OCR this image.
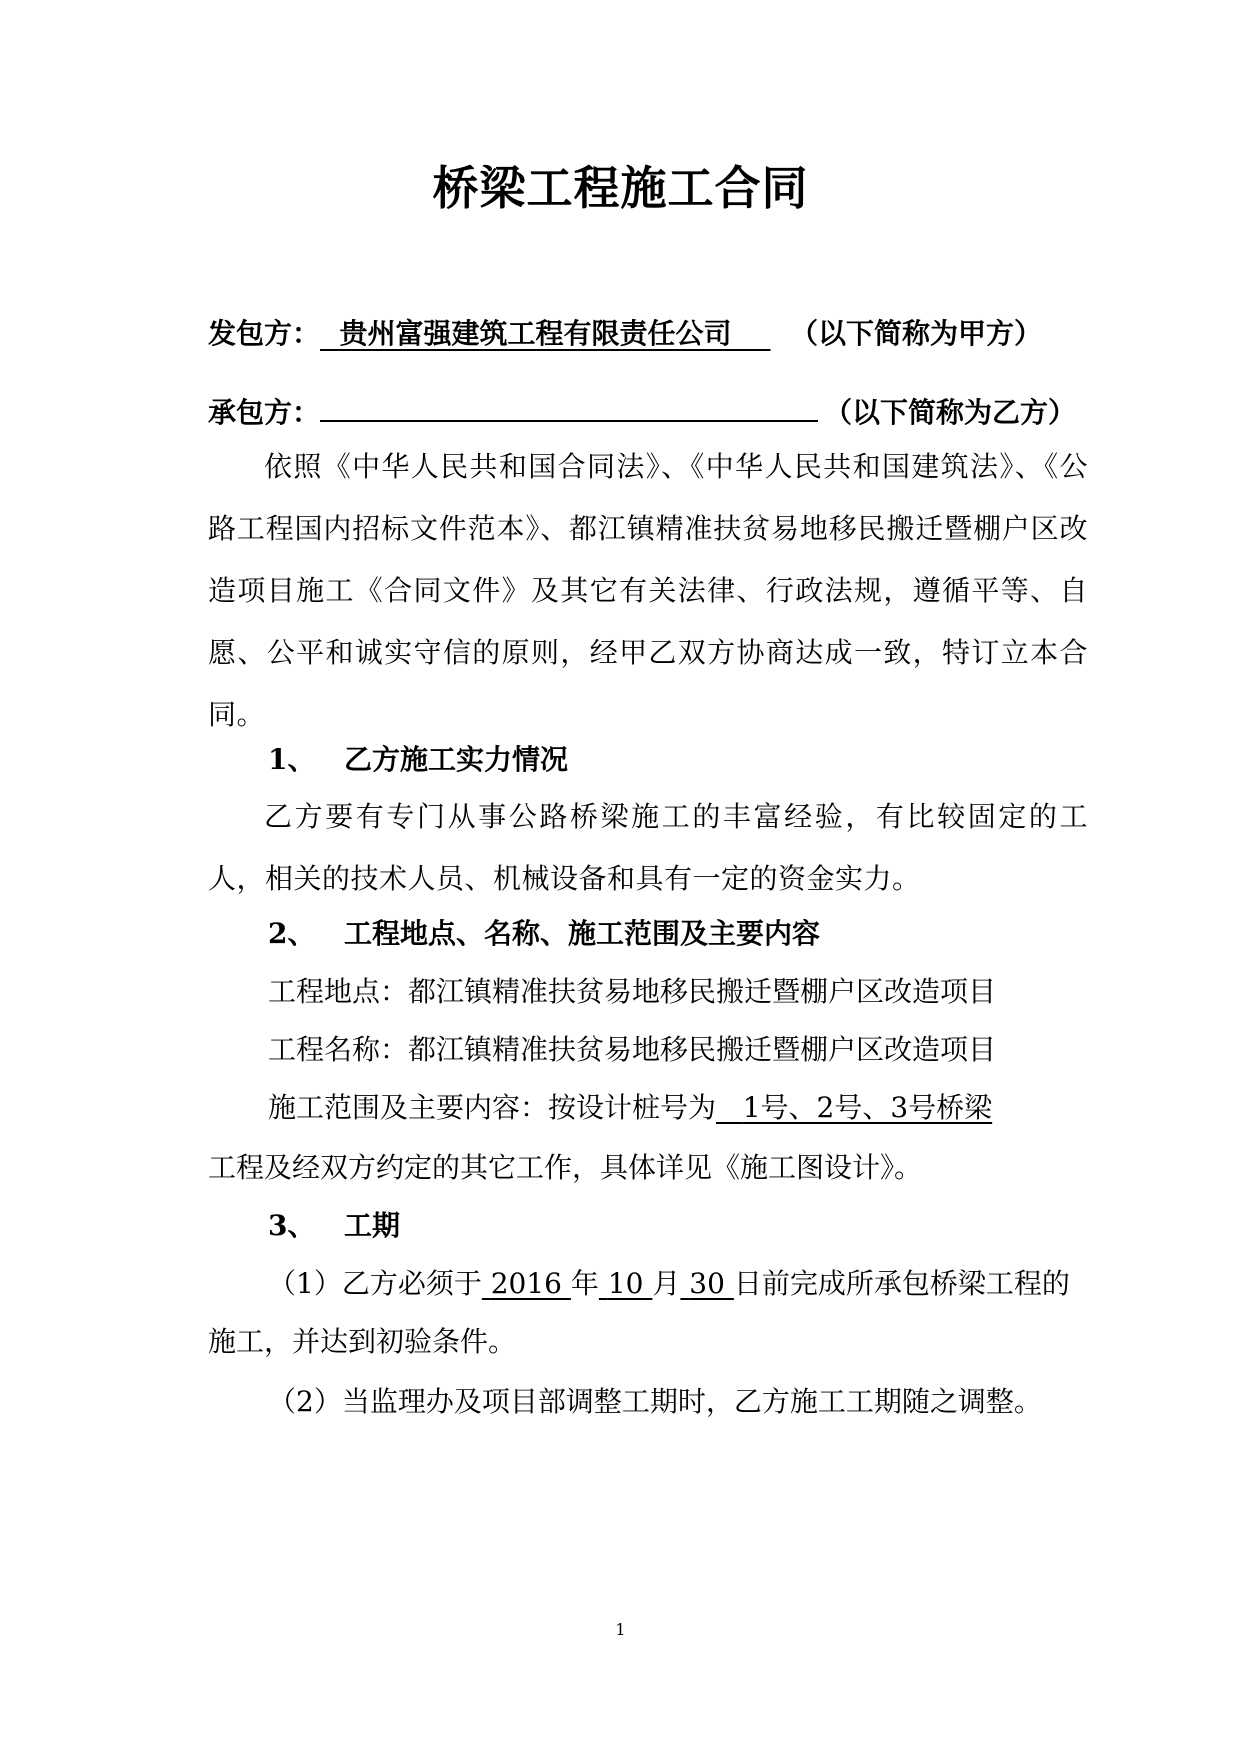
桥梁工程施工合同
发包方： 贵州富强建筑工程有限责任公司 （以下简称为甲方）
承包方：	（以下简称为乙方）
依照《中华人民共和国合同法》、《中华人民共和国建筑法》、《公路工程国内招标文件范本》、都江镇精准扶贫易地移民搬迁暨棚户区改造项目施工《合同文件》及其它有关法律、行政法规，遵循平等、自愿、公平和诚实守信的原则，经甲乙双方协商达成一致，特订立本合同。
1、 乙方施工实力情况
乙方要有专门从事公路桥梁施工的丰富经验，有比较固定的工人，相关的技术人员、机械设备和具有一定的资金实力。
2、 工程地点、名称、施工范围及主要内容
工程地点：都江镇精准扶贫易地移民搬迁暨棚户区改造项目
工程名称：都江镇精准扶贫易地移民搬迁暨棚户区改造项目
施工范围及主要内容：按设计桩号为 1号、2号、3号桥梁
工程及经双方约定的其它工作，具体详见《施工图设计》。
3、 工期
（1）乙方必须于 2016 年 10 月 30 日前完成所承包桥梁工程的
施工，并达到初验条件。
（2）当监理办及项目部调整工期时，乙方施工工期随之调整。
1
